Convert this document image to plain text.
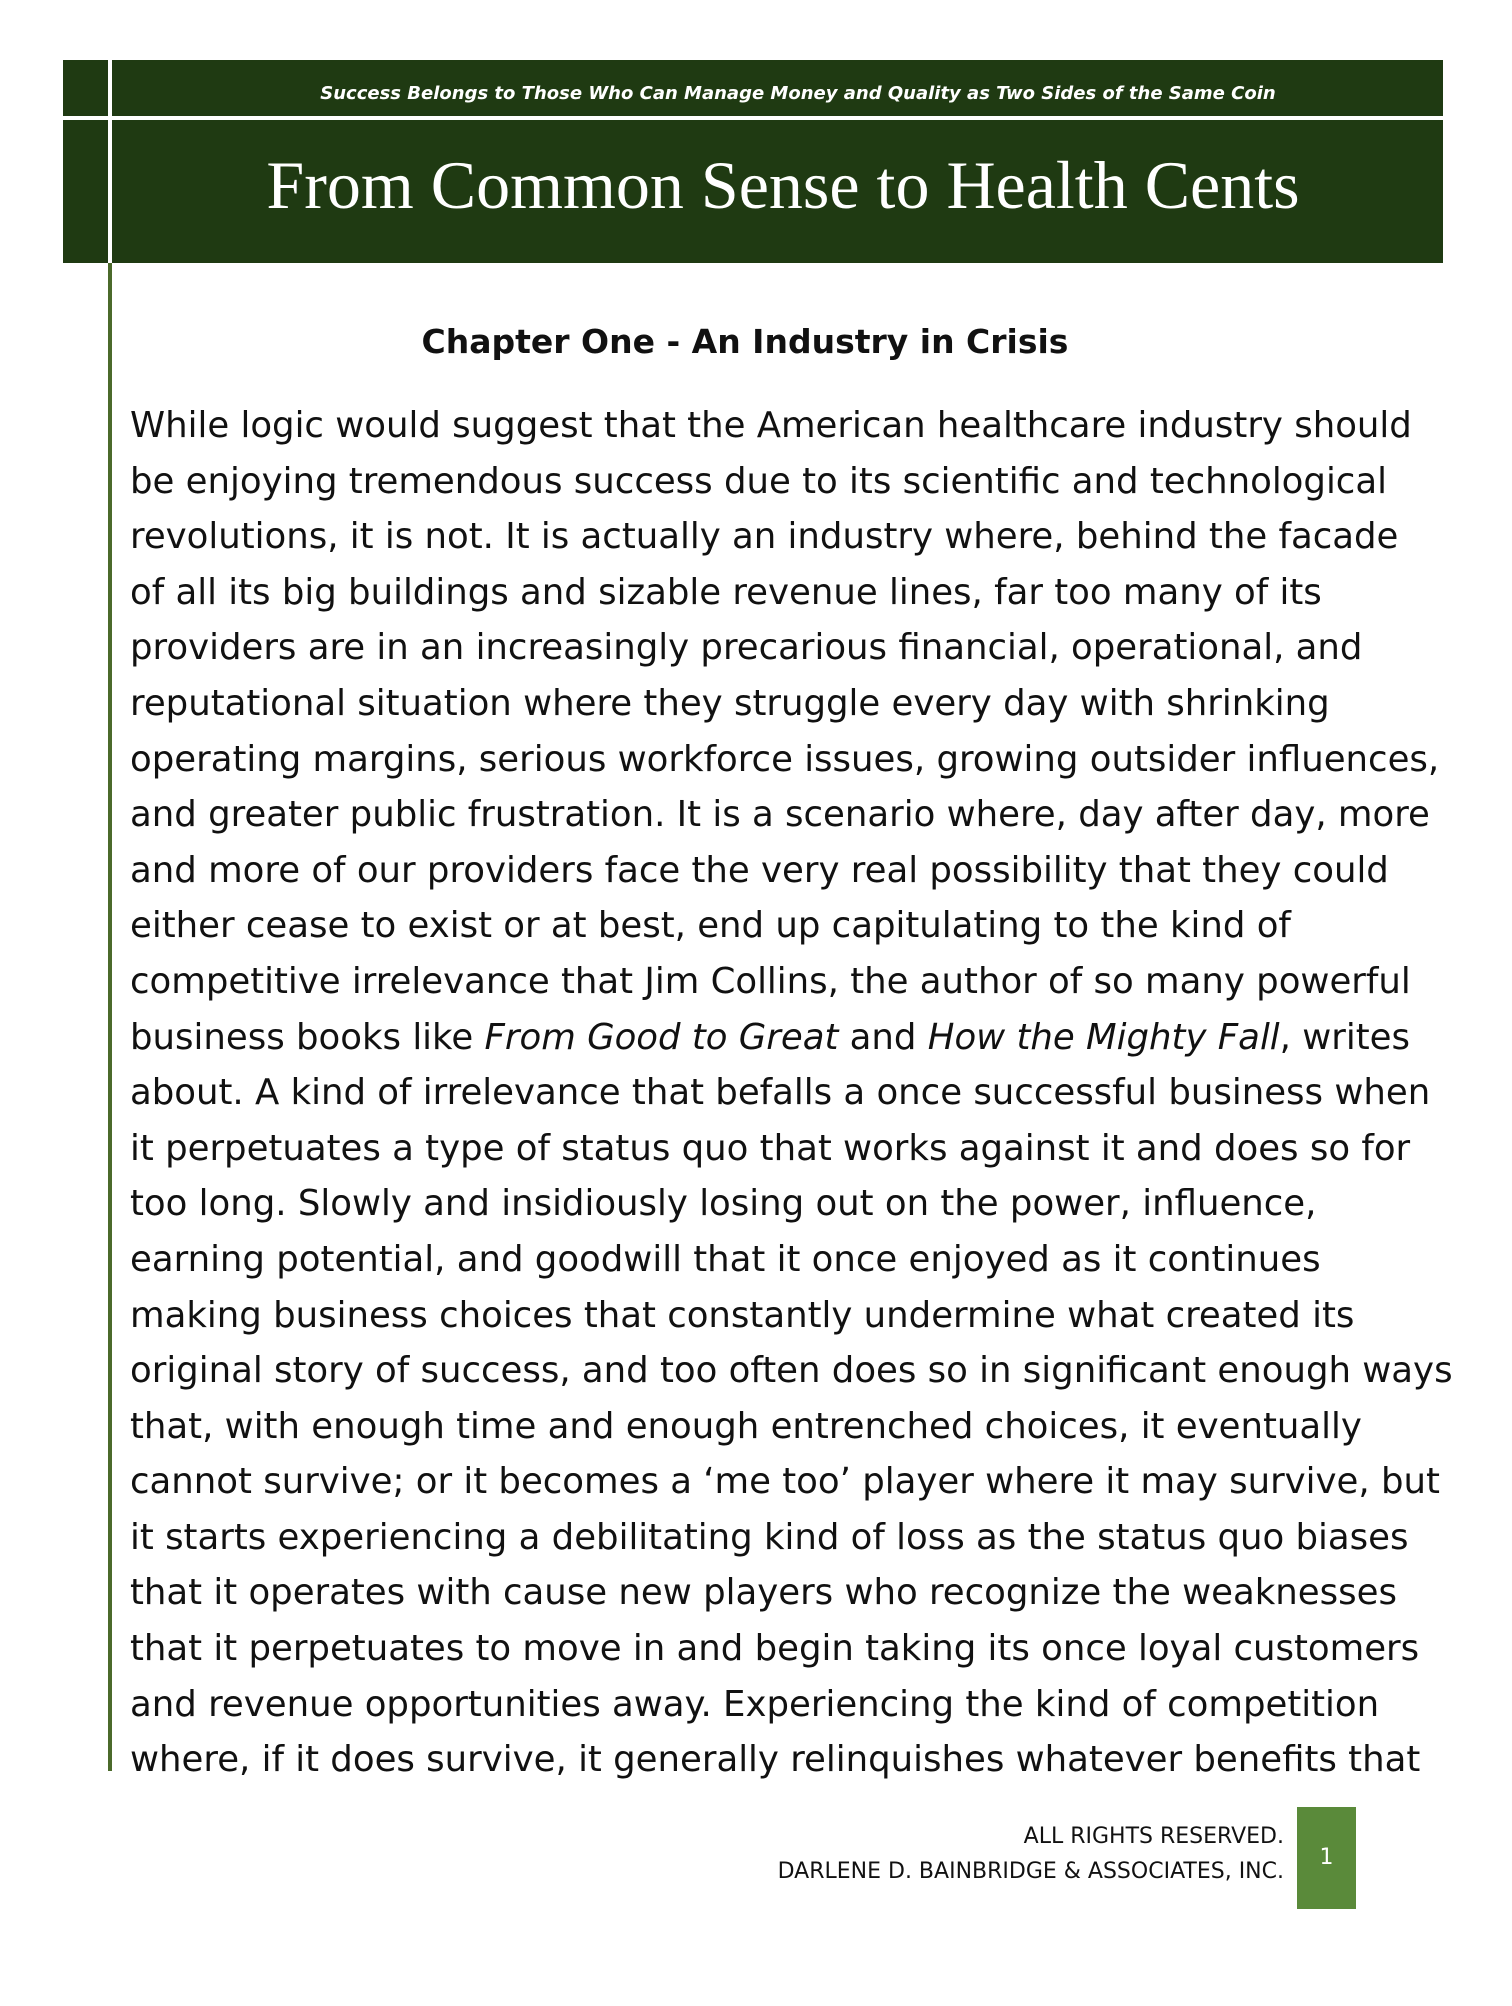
Success Belongs to Those Who Can Manage Money and Quality as Two Sides of the Same Coin
From Common Sense to Health Cents
Chapter One - An Industry in Crisis
While logic would suggest that the American healthcare industry should
be enjoying tremendous success due to its scientific and technological
revolutions, it is not. It is actually an industry where, behind the facade
of all its big buildings and sizable revenue lines, far too many of its
providers are in an increasingly precarious financial, operational, and
reputational situation where they struggle every day with shrinking
operating margins, serious workforce issues, growing outsider influences,
and greater public frustration. It is a scenario where, day after day, more
and more of our providers face the very real possibility that they could
either cease to exist or at best, end up capitulating to the kind of
competitive irrelevance that Jim Collins, the author of so many powerful
business books like From Good to Great and How the Mighty Fall, writes
about. A kind of irrelevance that befalls a once successful business when
it perpetuates a type of status quo that works against it and does so for
too long. Slowly and insidiously losing out on the power, influence,
earning potential, and goodwill that it once enjoyed as it continues
making business choices that constantly undermine what created its
original story of success, and too often does so in significant enough ways
that, with enough time and enough entrenched choices, it eventually
cannot survive; or it becomes a ‘me too’ player where it may survive, but
it starts experiencing a debilitating kind of loss as the status quo biases
that it operates with cause new players who recognize the weaknesses
that it perpetuates to move in and begin taking its once loyal customers
and revenue opportunities away. Experiencing the kind of competition
where, if it does survive, it generally relinquishes whatever benefits that
ALL RIGHTS RESERVED.
DARLENE D. BAINBRIDGE & ASSOCIATES, INC.
1
